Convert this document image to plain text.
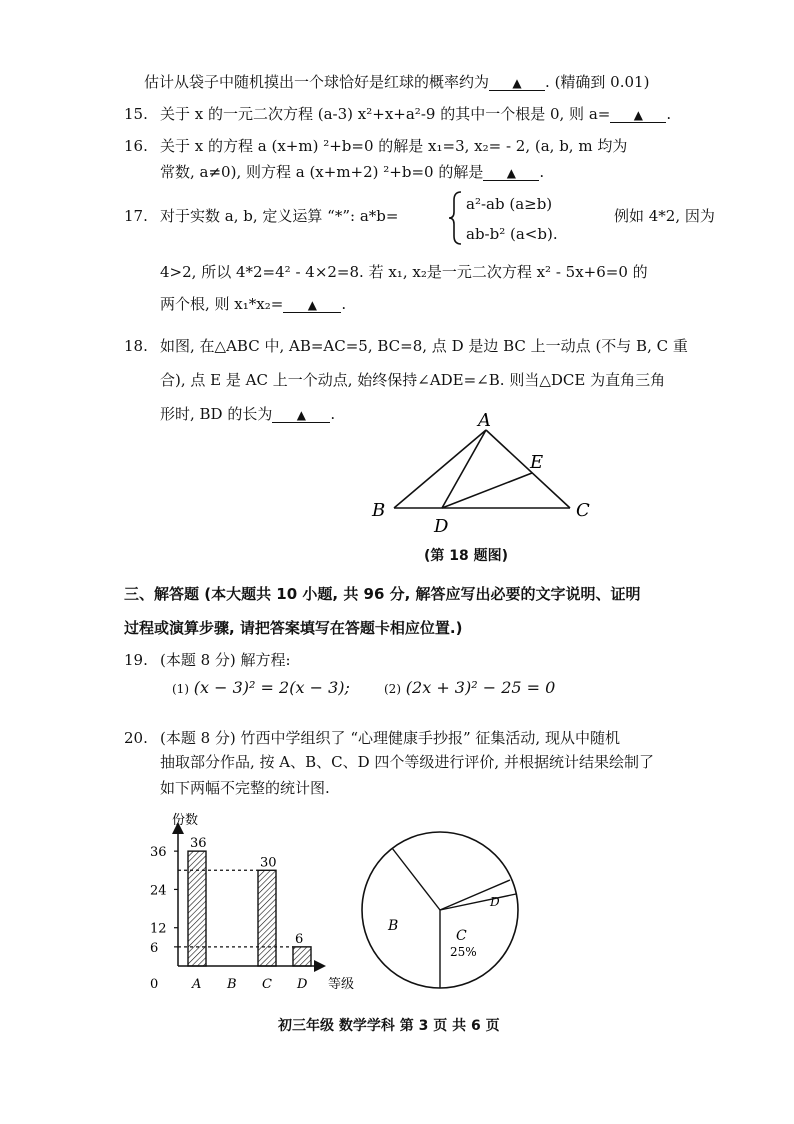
估计从袋子中随机摸出一个球恰好是红球的概率约为 ▲ . (精确到 0.01)
15. 关于 x 的一元二次方程 (a-3) x²+x+a²-9 的其中一个根是 0, 则 a= ▲ .
16. 关于 x 的方程 a (x+m) ²+b=0 的解是 x₁=3, x₂= - 2, (a, b, m 均为
常数, a≠0), 则方程 a (x+m+2) ²+b=0 的解是 ▲ .
17. 对于实数 a, b, 定义运算 “*”: a*b=
a²-ab (a≥b)
ab-b² (a<b).
例如 4*2, 因为
4>2, 所以 4*2=4² - 4×2=8. 若 x₁, x₂是一元二次方程 x² - 5x+6=0 的
两个根, 则 x₁*x₂= ▲ .
18. 如图, 在△ABC 中, AB=AC=5, BC=8, 点 D 是边 BC 上一动点 (不与 B, C 重
合), 点 E 是 AC 上一个动点, 始终保持∠ADE=∠B. 则当△DCE 为直角三角
形时, BD 的长为 ▲ .	A
B	C
D
E
(第 18 题图)
三、解答题 (本大题共 10 小题, 共 96 分, 解答应写出必要的文字说明、证明
过程或演算步骤, 请把答案填写在答题卡相应位置.)
19. (本题 8 分) 解方程:
(1) (x − 3)² = 2(x − 3);	(2) (2x + 3)² − 25 = 0
20. (本题 8 分) 竹西中学组织了 “心理健康手抄报” 征集活动, 现从中随机
抽取部分作品, 按 A、B、C、D 四个等级进行评价, 并根据统计结果绘制了
如下两幅不完整的统计图.
份数
等级
0
6
12
24
36
36
A B
30
C
6
D
B
C
D
25%
初三年级 数学学科 第 3 页 共 6 页
